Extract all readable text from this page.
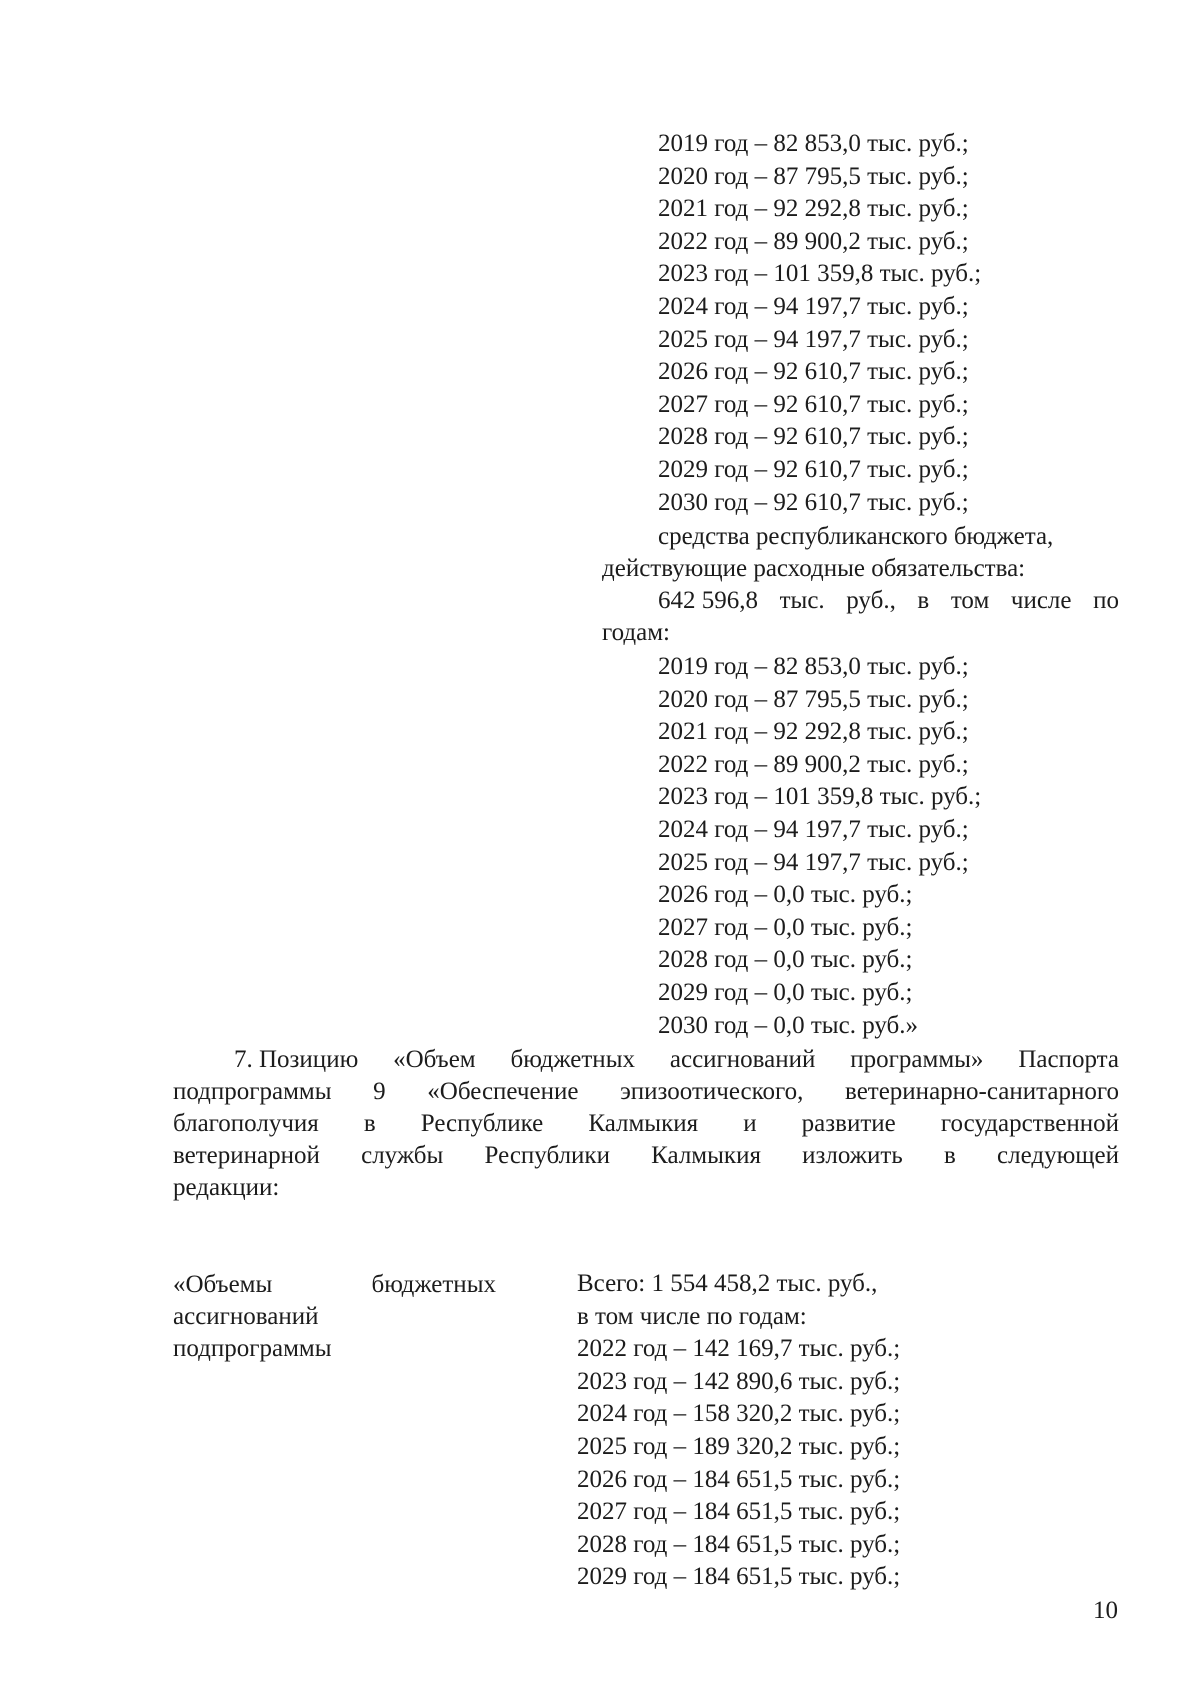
2019 год – 82 853,0 тыс. руб.;
2020 год – 87 795,5 тыс. руб.;
2021 год – 92 292,8 тыс. руб.;
2022 год – 89 900,2 тыс. руб.;
2023 год – 101 359,8 тыс. руб.;
2024 год – 94 197,7 тыс. руб.;
2025 год – 94 197,7 тыс. руб.;
2026 год – 92 610,7 тыс. руб.;
2027 год – 92 610,7 тыс. руб.;
2028 год – 92 610,7 тыс. руб.;
2029 год – 92 610,7 тыс. руб.;
2030 год – 92 610,7 тыс. руб.;

средства республиканского бюджета,

действующие расходные обязательства:

642 596,8 тыс. руб., в том числе по

годам:

2019 год – 82 853,0 тыс. руб.;
2020 год – 87 795,5 тыс. руб.;
2021 год – 92 292,8 тыс. руб.;
2022 год – 89 900,2 тыс. руб.;
2023 год – 101 359,8 тыс. руб.;
2024 год – 94 197,7 тыс. руб.;
2025 год – 94 197,7 тыс. руб.;
2026 год – 0,0 тыс. руб.;
2027 год – 0,0 тыс. руб.;
2028 год – 0,0 тыс. руб.;
2029 год – 0,0 тыс. руб.;
2030 год – 0,0 тыс. руб.»
7. Позицию «Объем бюджетных ассигнований программы» Паспорта
подпрограммы 9 «Обеспечение эпизоотического, ветеринарно-санитарного
благополучия в Республике Калмыкия и развитие государственной
ветеринарной службы Республики Калмыкия изложить в следующей

редакции:

«Объемы	бюджетных

ассигнований

подпрограммы

Всего: 1 554 458,2 тыс. руб.,
в том числе по годам:
2022 год – 142 169,7 тыс. руб.;
2023 год – 142 890,6 тыс. руб.;
2024 год – 158 320,2 тыс. руб.;
2025 год – 189 320,2 тыс. руб.;
2026 год – 184 651,5 тыс. руб.;
2027 год – 184 651,5 тыс. руб.;
2028 год – 184 651,5 тыс. руб.;
2029 год – 184 651,5 тыс. руб.;
10
